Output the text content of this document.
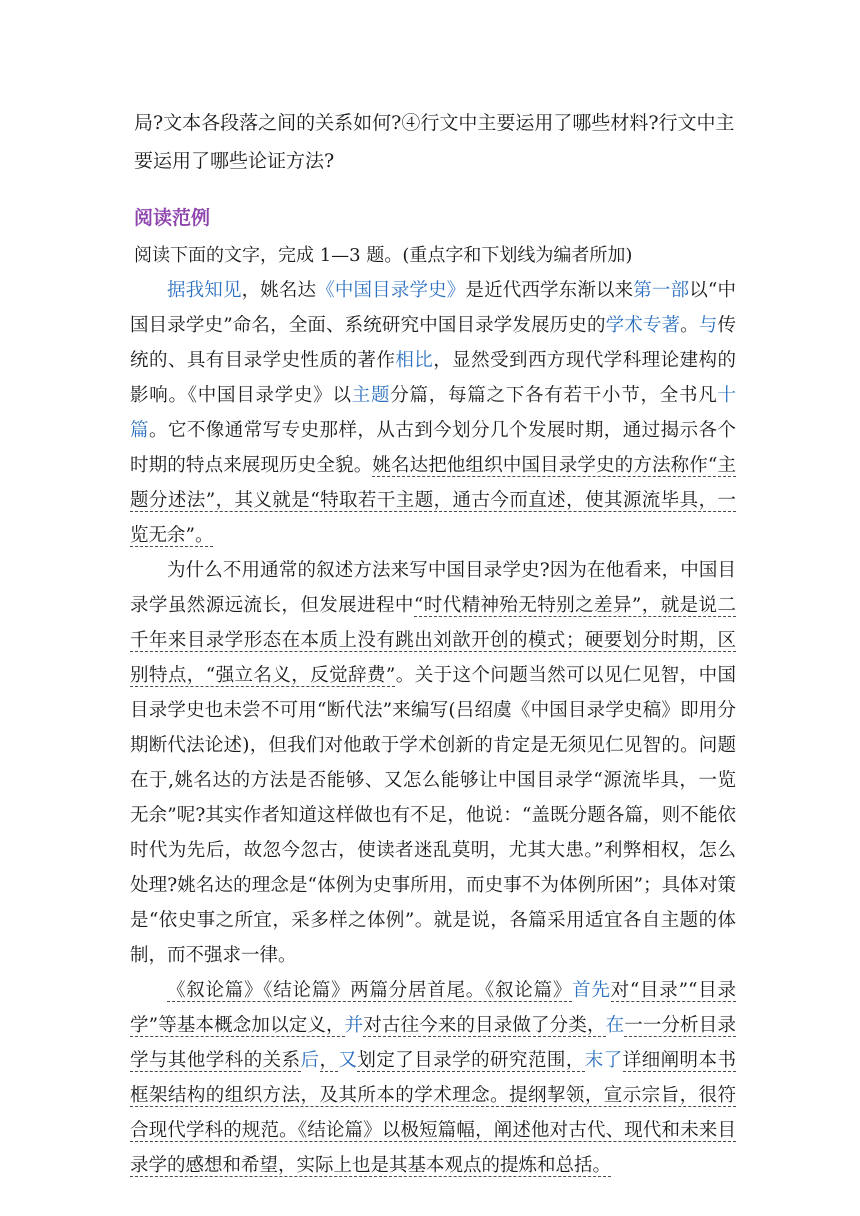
局?文本各段落之间的关系如何?④行文中主要运用了哪些材料?行文中主要运用了哪些论证方法?

阅读范例

阅读下面的文字，完成 1—3 题。(重点字和下划线为编者所加)

据我知见，姚名达《中国目录学史》是近代西学东渐以来第一部以“中国目录学史”命名，全面、系统研究中国目录学发展历史的学术专著。与传统的、具有目录学史性质的著作相比，显然受到西方现代学科理论建构的影响。《中国目录学史》以主题分篇，每篇之下各有若干小节，全书凡十篇。它不像通常写专史那样，从古到今划分几个发展时期，通过揭示各个时期的特点来展现历史全貌。姚名达把他组织中国目录学史的方法称作“主题分述法”，其义就是“特取若干主题，通古今而直述，使其源流毕具，一览无余”。

为什么不用通常的叙述方法来写中国目录学史?因为在他看来，中国目录学虽然源远流长，但发展进程中“时代精神殆无特别之差异”，就是说二千年来目录学形态在本质上没有跳出刘歆开创的模式；硬要划分时期，区别特点，“强立名义，反觉辞费”。关于这个问题当然可以见仁见智，中国目录学史也未尝不可用“断代法”来编写(吕绍虞《中国目录学史稿》即用分期断代法论述)，但我们对他敢于学术创新的肯定是无须见仁见智的。问题在于,姚名达的方法是否能够、又怎么能够让中国目录学“源流毕具，一览无余”呢?其实作者知道这样做也有不足，他说：“盖既分题各篇，则不能依时代为先后，故忽今忽古，使读者迷乱莫明，尤其大患。”利弊相权，怎么处理?姚名达的理念是“体例为史事所用，而史事不为体例所困”；具体对策是“依史事之所宜，采多样之体例”。就是说，各篇采用适宜各自主题的体制，而不强求一律。

《叙论篇》《结论篇》两篇分居首尾。《叙论篇》首先对“目录”“目录学”等基本概念加以定义，并对古往今来的目录做了分类，在一一分析目录学与其他学科的关系后，又划定了目录学的研究范围，末了详细阐明本书框架结构的组织方法，及其所本的学术理念。提纲挈领，宣示宗旨，很符合现代学科的规范。《结论篇》以极短篇幅，阐述他对古代、现代和未来目录学的感想和希望，实际上也是其基本观点的提炼和总括。
